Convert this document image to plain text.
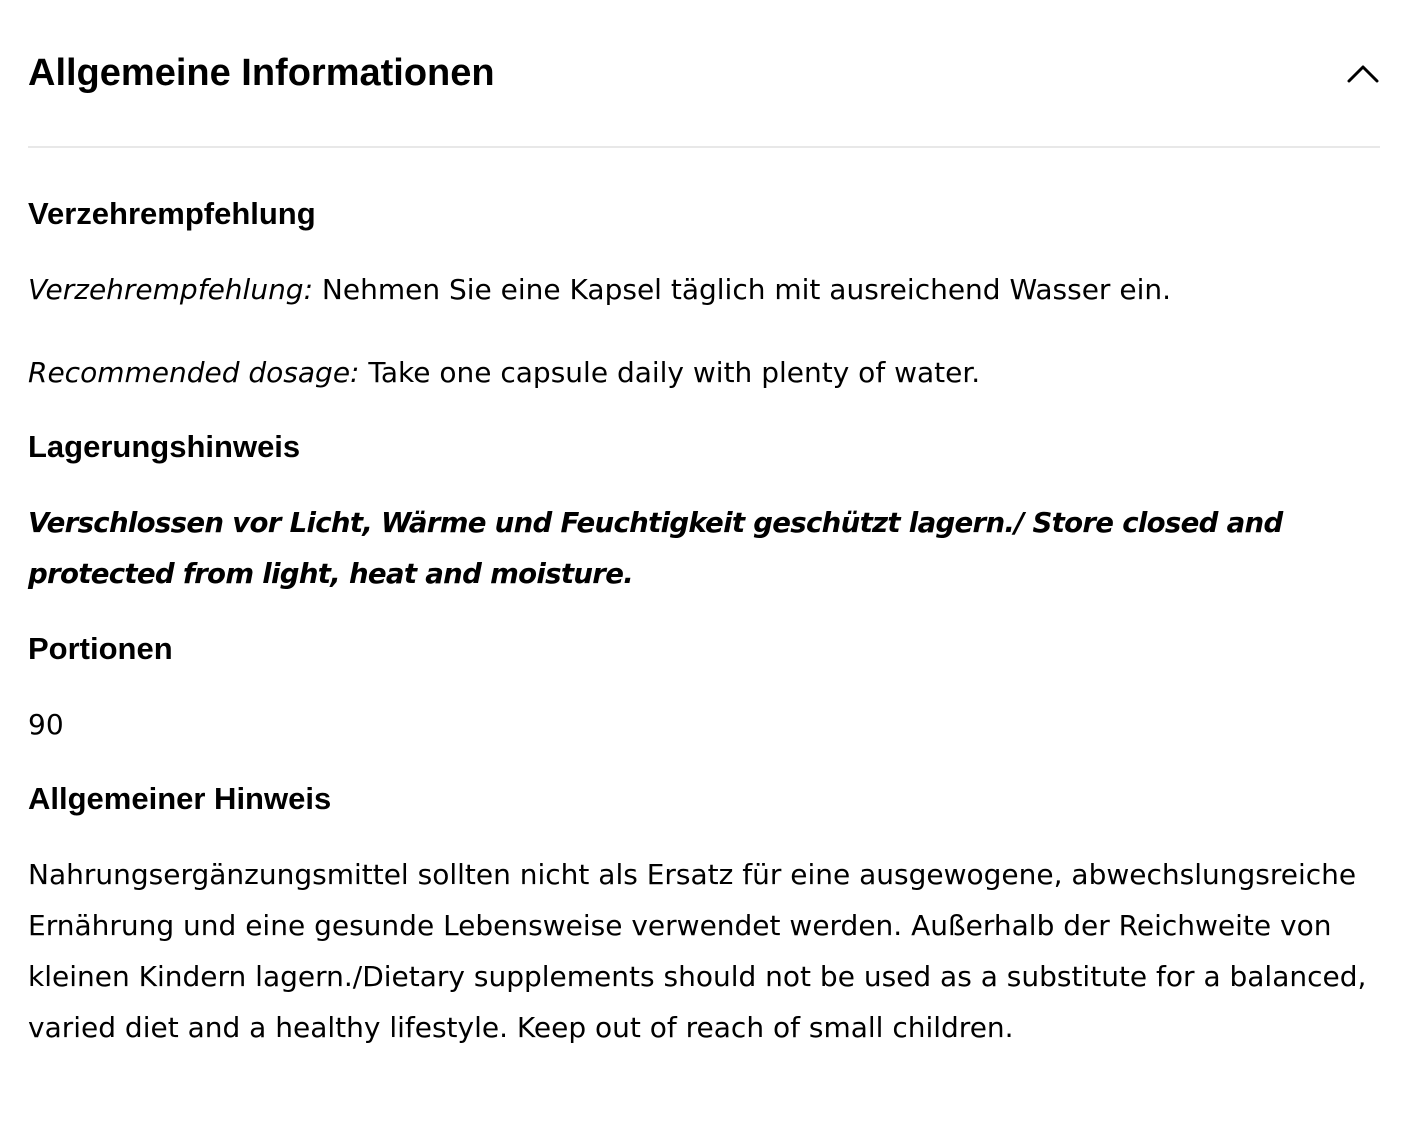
Allgemeine Informationen
Verzehrempfehlung

Verzehrempfehlung: Nehmen Sie eine Kapsel täglich mit ausreichend Wasser ein.

Recommended dosage: Take one capsule daily with plenty of water.

Lagerungshinweis

Verschlossen vor Licht, Wärme und Feuchtigkeit geschützt lagern./ Store closed and protected from light, heat and moisture.

Portionen

90

Allgemeiner Hinweis

Nahrungsergänzungsmittel sollten nicht als Ersatz für eine ausgewogene, abwechslungsreiche Ernährung und eine gesunde Lebensweise verwendet werden. Außerhalb der Reichweite von kleinen Kindern lagern./Dietary supplements should not be used as a substitute for a balanced, varied diet and a healthy lifestyle. Keep out of reach of small children.
